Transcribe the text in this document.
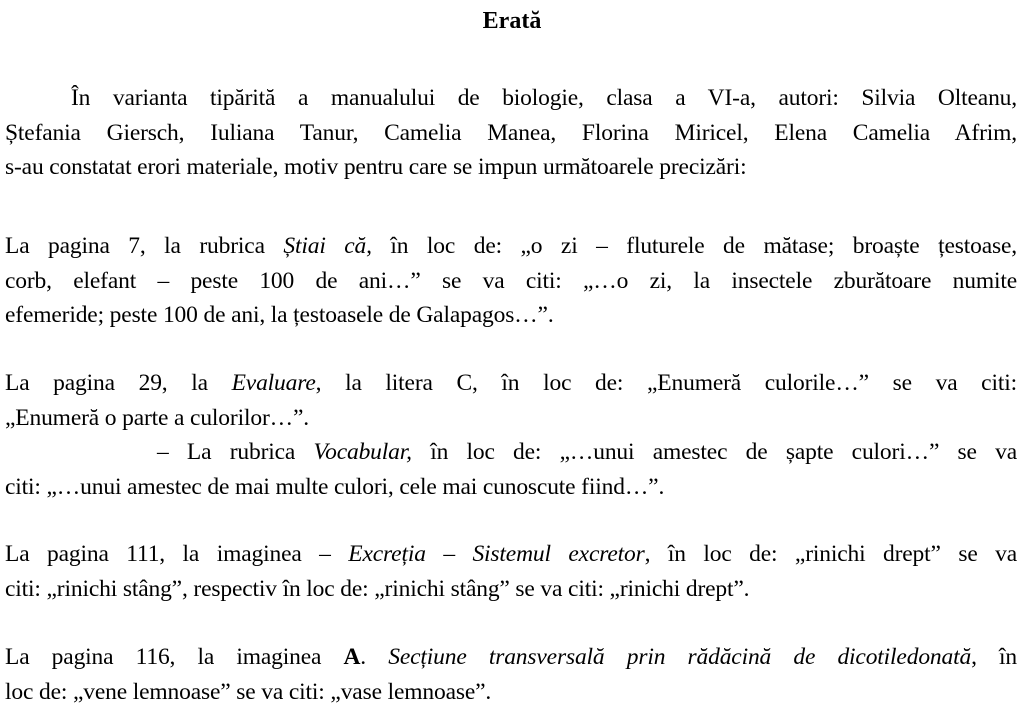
Erată
În varianta tipărită a manualului de biologie, clasa a VI-a, autori: Silvia Olteanu,
Ștefania Giersch, Iuliana Tanur, Camelia Manea, Florina Miricel, Elena Camelia Afrim,
s-au constatat erori materiale, motiv pentru care se impun următoarele precizări:
La pagina 7, la rubrica Știai că, în loc de: „o zi – fluturele de mătase; broaște țestoase,
corb, elefant – peste 100 de ani…” se va citi: „…o zi, la insectele zburătoare numite
efemeride; peste 100 de ani, la țestoasele de Galapagos…”.
La pagina 29, la Evaluare, la litera C, în loc de: „Enumeră culorile…” se va citi:
„Enumeră o parte a culorilor…”.
– La rubrica Vocabular, în loc de: „…unui amestec de șapte culori…” se va
citi: „…unui amestec de mai multe culori, cele mai cunoscute fiind…”.
La pagina 111, la imaginea – Excreția – Sistemul excretor, în loc de: „rinichi drept” se va
citi: „rinichi stâng”, respectiv în loc de: „rinichi stâng” se va citi: „rinichi drept”.
La pagina 116, la imaginea A. Secțiune transversală prin rădăcină de dicotiledonată, în
loc de: „vene lemnoase” se va citi: „vase lemnoase”.
